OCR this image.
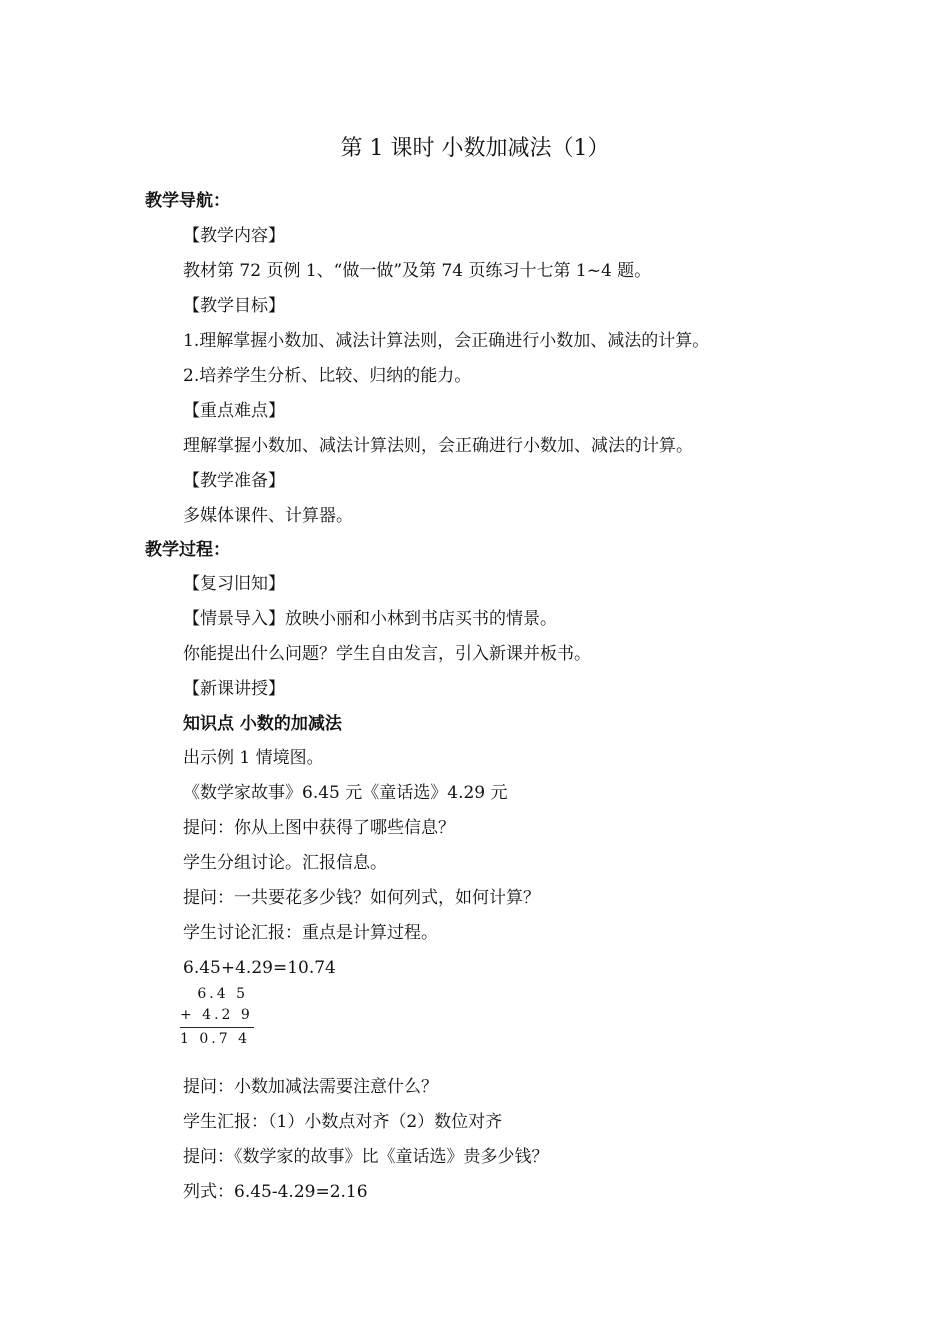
第 1 课时 小数加减法（1）
教学导航：
【教学内容】
教材第 72 页例 1、“做一做”及第 74 页练习十七第 1~4 题。
【教学目标】
1.理解掌握小数加、减法计算法则，会正确进行小数加、减法的计算。
2.培养学生分析、比较、归纳的能力。
【重点难点】
理解掌握小数加、减法计算法则，会正确进行小数加、减法的计算。
【教学准备】
多媒体课件、计算器。
教学过程：
【复习旧知】
【情景导入】放映小丽和小林到书店买书的情景。
你能提出什么问题？学生自由发言，引入新课并板书。
【新课讲授】
知识点 小数的加减法
出示例 1 情境图。
《数学家故事》6.45 元《童话选》4.29 元
提问：你从上图中获得了哪些信息？
学生分组讨论。汇报信息。
提问：一共要花多少钱？如何列式，如何计算？
学生讨论汇报：重点是计算过程。
6.45+4.29=10.74
6.4 5
+ 4.2 9
1 0.7 4
提问：小数加减法需要注意什么？
学生汇报：（1）小数点对齐（2）数位对齐
提问：《数学家的故事》比《童话选》贵多少钱？
列式：6.45-4.29=2.16
